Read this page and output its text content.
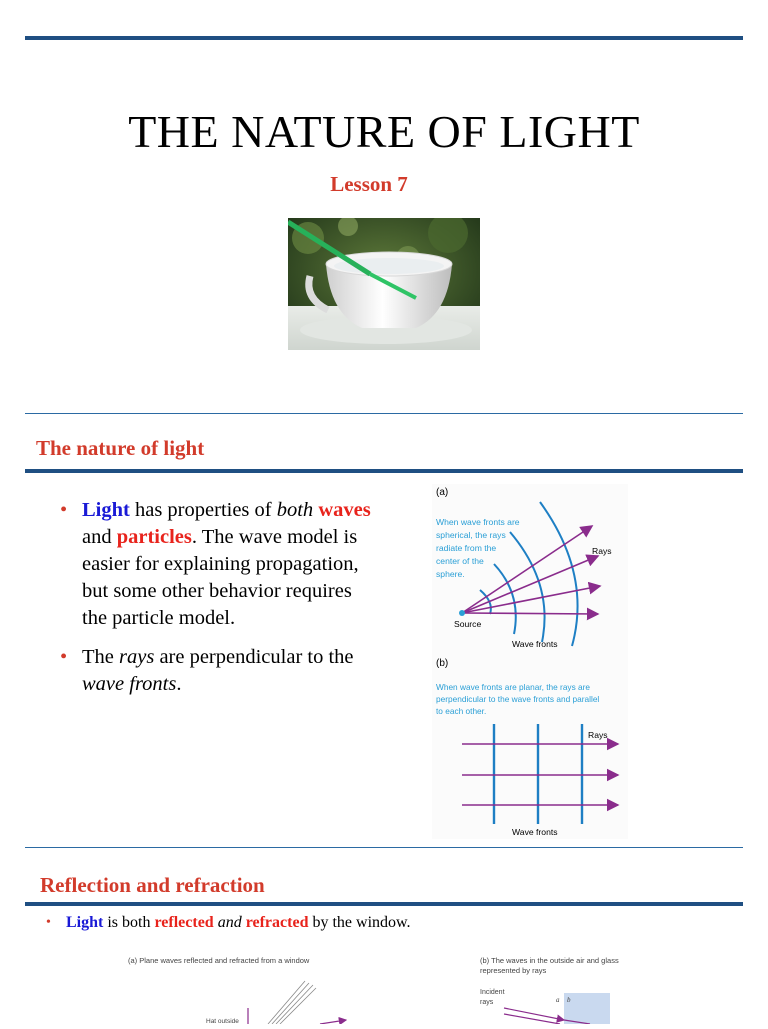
THE NATURE OF LIGHT
Lesson 7
The nature of light
• Light has properties of both waves and particles. The wave model is easier for explaining propagation, but some other behavior requires the particle model.
• The rays are perpendicular to the wave fronts.
(a)
When wave fronts are spherical, the rays radiate from the center of the sphere.
Rays
Source
Wave fronts
(b)
When wave fronts are planar, the rays are perpendicular to the wave fronts and parallel to each other.
Rays
Wave fronts
Reflection and refraction
• Light is both reflected and refracted by the window.
(a) Plane waves reflected and refracted from a window
Hat outside
(b) The waves in the outside air and glass represented by rays
Incident rays	a b
